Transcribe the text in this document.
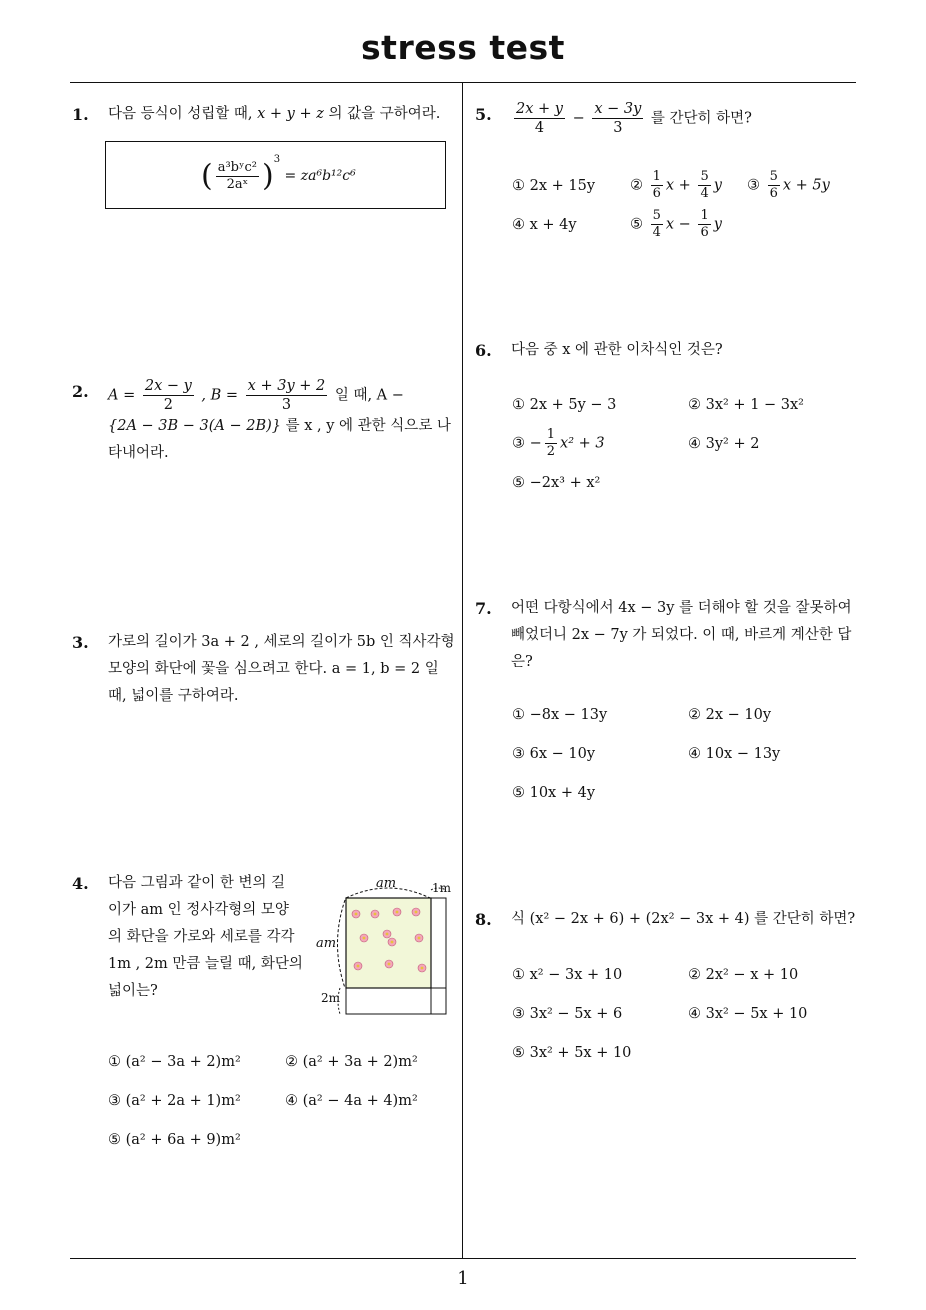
stress test
1
1. 다음 등식이 성립할 때, x + y + z 의 값을 구하여라.
( $\frac{\text{a³bʸc²}}{\text{2aˣ}} )^3 = za^6b^{12}c^6$
2. $A = \frac{2x - y}{2}$ , $B = \frac{x + 3y + 2}{3}$ 일 때, A −
{2A − 3B − 3(A − 2B)} 를 x , y 에 관한 식으로 나
타내어라.
3. 가로의 길이가 3a + 2 , 세로의 길이가 5b 인 직사각형
모양의 화단에 꽃을 심으려고 한다. a = 1, b = 2 일
때, 넓이를 구하여라.
4. 다음 그림과 같이 한 변의 길
이가 am 인 정사각형의 모양
의 화단을 가로와 세로를 각각
1m , 2m 만큼 늘릴 때, 화단의
넓이는?
am	1m
am
2m
① (a² − 3a + 2)m²	② (a² + 3a + 2)m²
③ (a² + 2a + 1)m²	④ (a² − 4a + 4)m²
⑤ (a² + 6a + 9)m²
5. $\frac{2x + y}{4} - \frac{x - 3y}{3}$ 를 간단히 하면?
① 2x + 15y ② $\frac{1}{6}$ $x + \frac{5}{4}$ y ③ $\frac{5}{6}$ x + 5y
④ x + 4y	⑤ $\frac{5}{4}$ $x - \frac{1}{6}$ y
6. 다음 중 x 에 관한 이차식인 것은?
① 2x + 5y − 3	② 3x² + 1 − 3x²
③ − $\frac{1}{2} x^2 + 3$	④ 3y² + 2
⑤ −2x³ + x²
7. 어떤 다항식에서 4x − 3y 를 더해야 할 것을 잘못하여
빼었더니 2x − 7y 가 되었다. 이 때, 바르게 계산한 답
은?
① −8x − 13y	② 2x − 10y
③ 6x − 10y	④ 10x − 13y
⑤ 10x + 4y
8. 식 (x² − 2x + 6) + (2x² − 3x + 4) 를 간단히 하면?
① x² − 3x + 10	② 2x² − x + 10
③ 3x² − 5x + 6	④ 3x² − 5x + 10
⑤ 3x² + 5x + 10
